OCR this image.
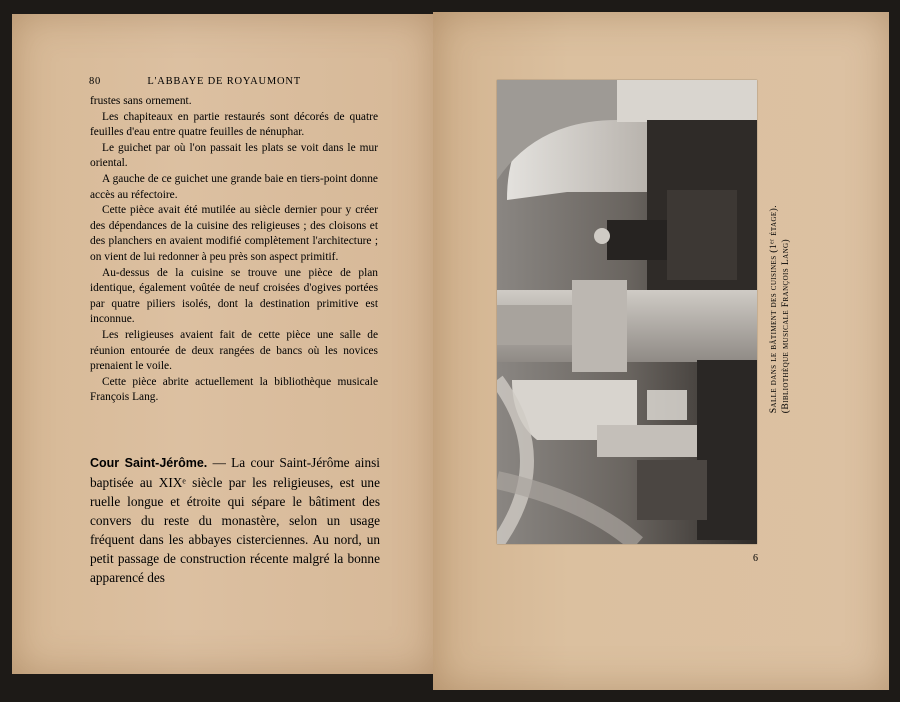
80	L'ABBAYE DE ROYAUMONT

frustes sans ornement.

Les chapiteaux en partie restaurés sont décorés de quatre feuilles d'eau entre quatre feuilles de nénuphar.

Le guichet par où l'on passait les plats se voit dans le mur oriental.

A gauche de ce guichet une grande baie en tiers-point donne accès au réfectoire.

Cette pièce avait été mutilée au siècle dernier pour y créer des dépendances de la cuisine des religieuses ; des cloisons et des planchers en avaient modifié complètement l'architecture ; on vient de lui redonner à peu près son aspect primitif.

Au-dessus de la cuisine se trouve une pièce de plan identique, également voûtée de neuf croisées d'ogives portées par quatre piliers isolés, dont la destination primitive est inconnue.

Les religieuses avaient fait de cette pièce une salle de réunion entourée de deux rangées de bancs où les novices prenaient le voile.

Cette pièce abrite actuellement la bibliothèque musicale François Lang.

Cour Saint-Jérôme. — La cour Saint-Jérôme ainsi baptisée au XIXᵉ siècle par les religieuses, est une ruelle longue et étroite qui sépare le bâtiment des convers du reste du monastère, selon un usage fréquent dans les abbayes cisterciennes. Au nord, un petit passage de construction récente malgré la bonne apparencé des

Salle dans le bâtiment des cuisines (1ᵉʳ étage).
(Bibliothèque musicale François Lang)
6
